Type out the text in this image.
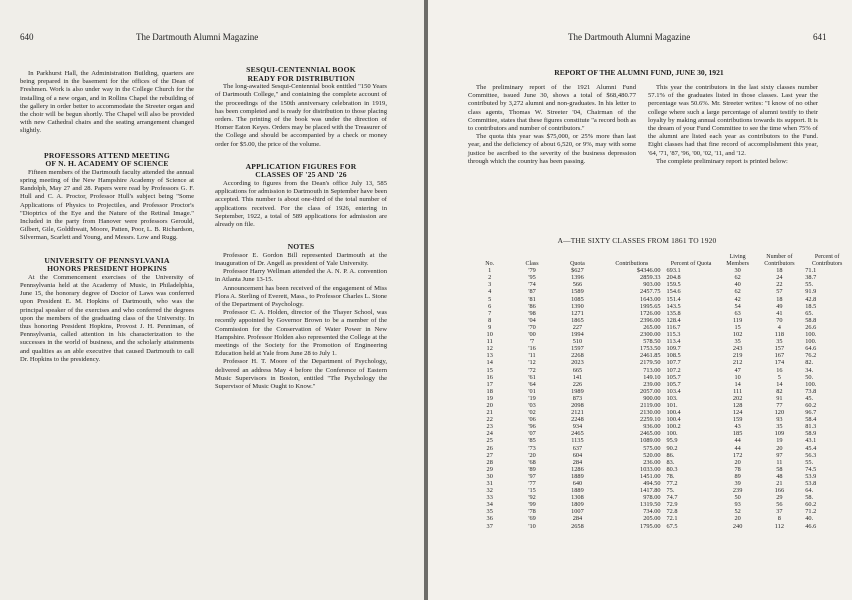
640	The Dartmouth Alumni Magazine

In Parkhurst Hall, the Administration Building, quarters are being prepared in the basement for the offices of the Dean of Freshmen. Work is also under way in the College Church for the installing of a new organ, and in Rollins Chapel the rebuilding of the gallery in order better to accommodate the Streeter organ and the choir will be begun shortly. The Chapel will also be provided with new Cathedral chairs and the seating arrangement changed slightly.

PROFESSORS ATTEND MEETING
OF N. H. ACADEMY OF SCIENCE

Fifteen members of the Dartmouth faculty attended the annual spring meeting of the New Hampshire Academy of Science at Randolph, May 27 and 28. Papers were read by Professors G. F. Hull and C. A. Proctor, Professor Hull's subject being "Some Applications of Physics to Projectiles, and Professor Proctor's "Dioptrics of the Eye and the Nature of the Retinal Image." Included in the party from Hanover were professors Gerould, Gilbert, Gile, Goldthwait, Moore, Patten, Poor, L. B. Richardson, Silverman, Scarlett and Young, and Messrs. Low and Rugg.

UNIVERSITY OF PENNSYLVANIA
HONORS PRESIDENT HOPKINS

At the Commencement exercises of the University of Pennsylvania held at the Academy of Music, in Philadelphia, June 15, the honorary degree of Doctor of Laws was conferred upon President E. M. Hopkins of Dartmouth, who was the principal speaker of the exercises and who conferred the degrees upon the members of the graduating class of the University. In thus honoring President Hopkins, Provost J. H. Penniman, of Pennsylvania, called attention in his characterization to the successes in the world of business, and the scholarly attainments and qualities as an able executive that caused Dartmouth to call Dr. Hopkins to the presidency.

SESQUI-CENTENNIAL BOOK
READY FOR DISTRIBUTION

The long-awaited Sesqui-Centennial book entitled "150 Years of Dartmouth College," and containing the complete account of the proceedings of the 150th anniversary celebration in 1919, has been completed and is ready for distribution to those placing orders. The printing of the book was under the direction of Homer Eaton Keyes. Orders may be placed with the Treasurer of the College and should be accompanied by a check or money order for $5.00, the price of the volume.

APPLICATION FIGURES FOR
CLASSES OF '25 AND '26

According to figures from the Dean's office July 13, 585 applications for admission to Dartmouth in September have been accepted. This number is about one-third of the total number of applications received. For the class of 1926, entering in September, 1922, a total of 589 applications for admission are already on file.

NOTES

Professor E. Gordon Bill represented Dartmouth at the inauguration of Dr. Angell as president of Yale University.

Professor Harry Wellman attended the A. N. P. A. convention in Atlanta June 13-15.

Announcement has been received of the engagement of Miss Flora A. Sterling of Everett, Mass., to Professor Charles L. Stone of the Department of Psychology.

Professor C. A. Holden, director of the Thayer School, was recently appointed by Governor Brown to be a member of the Commission for the Conservation of Water Power in New Hampshire. Professor Holden also represented the College at the meetings of the Society for the Promotion of Engineering Education held at Yale from June 28 to July 1.

Professor H. T. Moore of the Department of Psychology, delivered an address May 4 before the Conference of Eastern Music Supervisors in Boston, entitled "The Psychology the Supervisor of Music Ought to Know."

The Dartmouth Alumni Magazine	641
REPORT OF THE ALUMNI FUND, JUNE 30, 1921

The preliminary report of the 1921 Alumni Fund Committee, issued June 30, shows a total of $68,480.77 contributed by 3,272 alumni and non-graduates. In his letter to class agents, Thomas W. Streeter '04, Chairman of the Committee, states that these figures constitute "a record both as to contributors and number of contributors."

The quota this year was $75,000, or 25% more than last year, and the deficiency of about 6,520, or 9%, may with some justice be ascribed to the severity of the business depression through which the country has been passing.

This year the contributors in the last sixty classes number 57.1% of the graduates listed in those classes. Last year the percentage was 50.6%. Mr. Streeter writes: "I know of no other college where such a large percentage of alumni testify to their loyalty by making annual contributions towards its support. It is the dream of your Fund Committee to see the time when 75% of the alumni are listed each year as contributors to the Fund. Eight classes had that fine record of accomplishment this year, '64, '71, '87, '96, '00, '02, '11, and '12.

The complete preliminary report is printed below:

A—THE SIXTY CLASSES FROM 1861 TO 1920
No.	Class	Quota	Contributions	Percent of Quota	Living Members	Number of Contributors	Percent of Contributors
1	'79	$627	$4346.00	693.1	30	18	71.1
2	'95	1396	2859.33	204.8	62	24	38.7
3	'74	566	903.00	159.5	40	22	55.
4	'87	1589	2457.75	154.6	62	57	91.9
5	'81	1085	1643.00	151.4	42	18	42.8
6	'86	1390	1995.65	143.5	54	49	18.5
7	'98	1271	1726.00	135.8	63	41	65.
8	'04	1865	2396.00	128.4	119	70	58.8
9	'70	227	265.00	116.7	15	4	26.6
10	'00	1994	2300.00	115.3	102	118	100.
11	'7	510	578.50	113.4	35	35	100.
12	'16	1597	1753.50	109.7	243	157	64.6
13	'11	2268	2461.85	108.5	219	167	76.2
14	'12	2023	2179.50	107.7	212	174	82.
15	'72	665	713.00	107.2	47	16	34.
16	'61	141	149.10	105.7	10	5	50.
17	'64	226	239.00	105.7	14	14	100.
18	'01	1989	2057.00	103.4	111	82	73.8
19	'19	873	900.00	103.	202	91	45.
20	'03	2098	2119.00	101.	128	77	60.2
21	'02	2121	2130.00	100.4	124	120	96.7
22	'06	2248	2259.10	100.4	159	93	58.4
23	'96	934	936.00	100.2	43	35	81.3
24	'07	2465	2465.00	100.	185	109	58.9
25	'85	1135	1089.00	95.9	44	19	43.1
26	'73	637	575.00	90.2	44	20	45.4
27	'20	604	520.00	86.	172	97	56.3
28	'68	284	236.00	83.	20	11	55.
29	'89	1286	1033.00	80.3	78	58	74.5
30	'97	1889	1451.00	78.	89	48	53.9
31	'77	640	494.50	77.2	39	21	53.8
32	'15	1889	1417.80	75.	239	166	64.
33	'92	1308	978.00	74.7	50	29	58.
34	'99	1809	1319.50	72.9	93	56	60.2
35	'78	1007	734.00	72.8	52	37	71.2
36	'69	284	205.00	72.1	20	8	40.
37	'10	2658	1795.00	67.5	240	112	46.6
